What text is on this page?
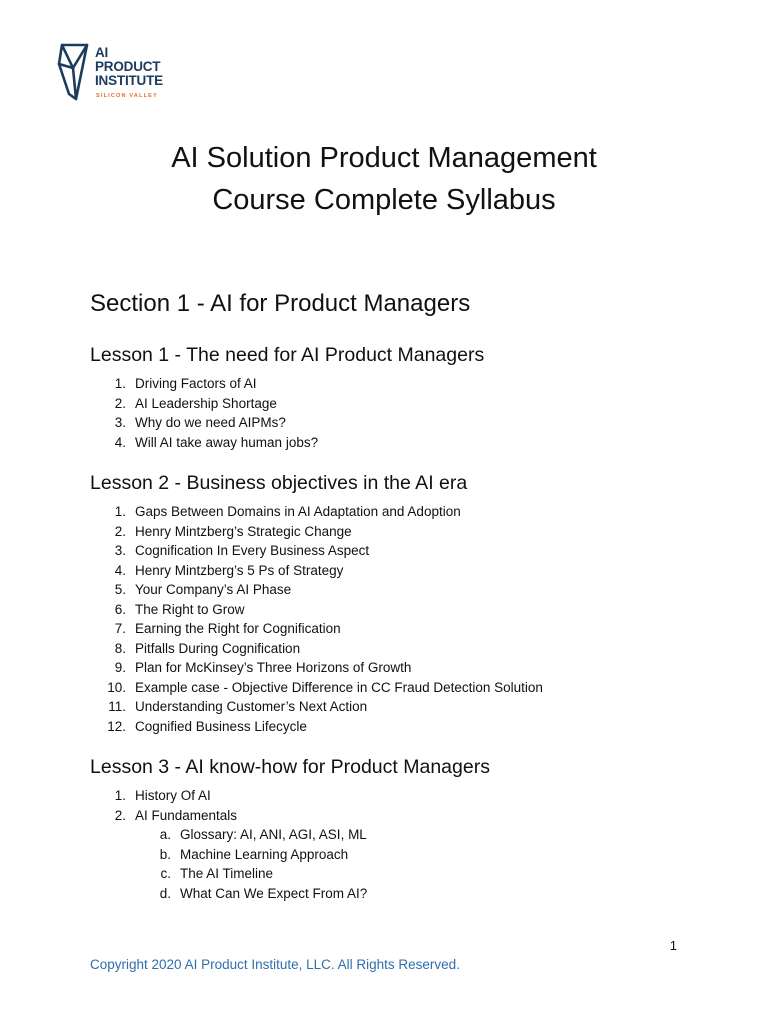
AI
PRODUCT
INSTITUTE
SILICON VALLEY
AI Solution Product Management
Course Complete Syllabus
Section 1 - AI for Product Managers
Lesson 1 - The need for AI Product Managers
1. Driving Factors of AI
2. AI Leadership Shortage
3. Why do we need AIPMs?
4. Will AI take away human jobs?
Lesson 2 - Business objectives in the AI era
1. Gaps Between Domains in AI Adaptation and Adoption
2. Henry Mintzberg’s Strategic Change
3. Cognification In Every Business Aspect
4. Henry Mintzberg’s 5 Ps of Strategy
5. Your Company’s AI Phase
6. The Right to Grow
7. Earning the Right for Cognification
8. Pitfalls During Cognification
9. Plan for McKinsey’s Three Horizons of Growth
10. Example case - Objective Difference in CC Fraud Detection Solution
11. Understanding Customer’s Next Action
12. Cognified Business Lifecycle
Lesson 3 - AI know-how for Product Managers
1. History Of AI
2. AI Fundamentals
a. Glossary: AI, ANI, AGI, ASI, ML
b. Machine Learning Approach
c. The AI Timeline
d. What Can We Expect From AI?
1
Copyright 2020 AI Product Institute, LLC. All Rights Reserved.
